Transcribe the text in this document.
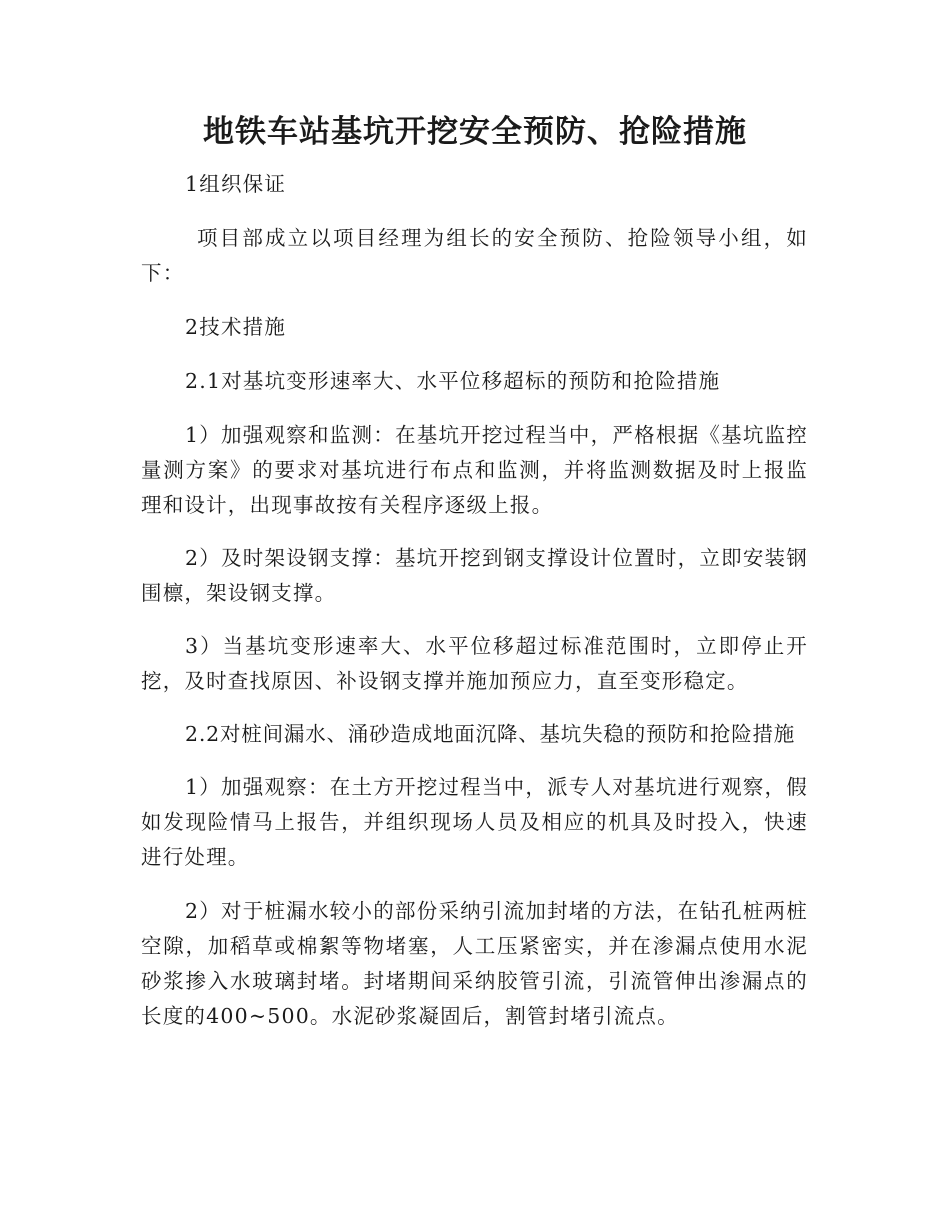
地铁车站基坑开挖安全预防、抢险措施

1组织保证

项目部成立以项目经理为组长的安全预防、抢险领导小组，如下：

2技术措施

2.1对基坑变形速率大、水平位移超标的预防和抢险措施

1）加强观察和监测：在基坑开挖过程当中，严格根据《基坑监控量测方案》的要求对基坑进行布点和监测，并将监测数据及时上报监理和设计，出现事故按有关程序逐级上报。

2）及时架设钢支撑：基坑开挖到钢支撑设计位置时，立即安装钢围檩，架设钢支撑。

3）当基坑变形速率大、水平位移超过标准范围时，立即停止开挖，及时查找原因、补设钢支撑并施加预应力，直至变形稳定。

2.2对桩间漏水、涌砂造成地面沉降、基坑失稳的预防和抢险措施

1）加强观察：在土方开挖过程当中，派专人对基坑进行观察，假如发现险情马上报告，并组织现场人员及相应的机具及时投入，快速进行处理。

2）对于桩漏水较小的部份采纳引流加封堵的方法，在钻孔桩两桩空隙，加稻草或棉絮等物堵塞，人工压紧密实，并在渗漏点使用水泥砂浆掺入水玻璃封堵。封堵期间采纳胶管引流，引流管伸出渗漏点的长度的400~500。水泥砂浆凝固后，割管封堵引流点。
